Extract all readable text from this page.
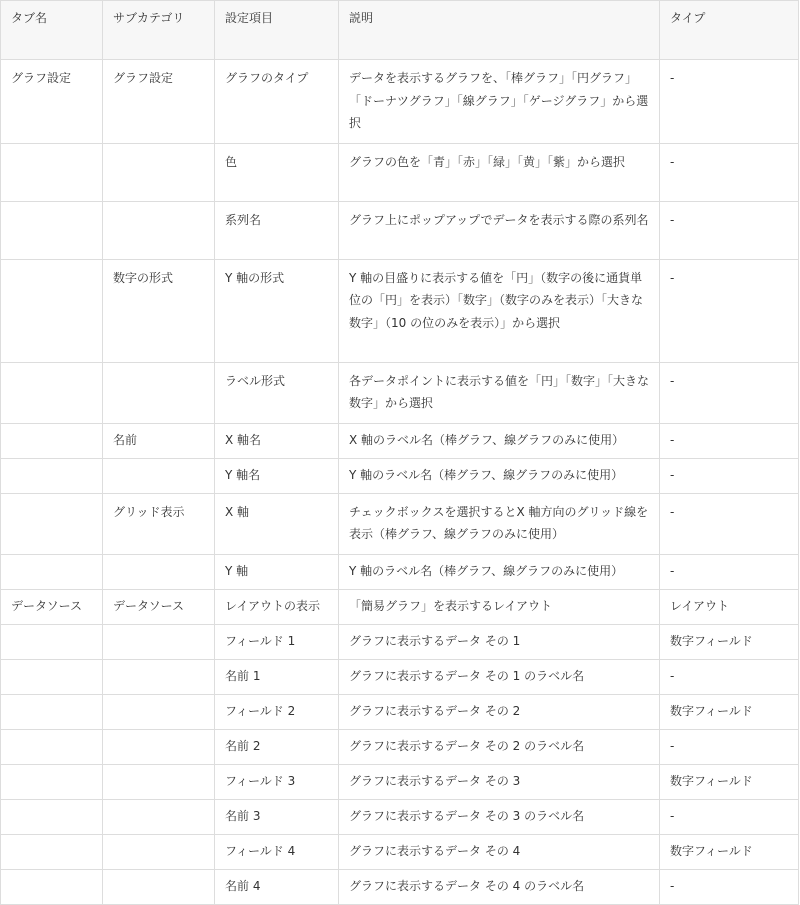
タブ名	サブカテゴリ	設定項目	説明	タイプ
グラフ設定	グラフ設定	グラフのタイプ	データを表示するグラフを、「棒グラフ」「円グラフ」「ドーナツグラフ」「線グラフ」「ゲージグラフ」から選択	-
		色	グラフの色を「青」「赤」「緑」「黄」「紫」から選択	-
		系列名	グラフ上にポップアップでデータを表示する際の系列名	-
	数字の形式	Y 軸の形式	Y 軸の目盛りに表示する値を「円」（数字の後に通貨単位の「円」を表示）「数字」（数字のみを表示）「大きな数字」（10 の位のみを表示）」から選択	-
		ラベル形式	各データポイントに表示する値を「円」「数字」「大きな数字」から選択	-
	名前	X 軸名	X 軸のラベル名（棒グラフ、線グラフのみに使用）	-
		Y 軸名	Y 軸のラベル名（棒グラフ、線グラフのみに使用）	-
	グリッド表示	X 軸	チェックボックスを選択するとX 軸方向のグリッド線を表示（棒グラフ、線グラフのみに使用）	-
		Y 軸	Y 軸のラベル名（棒グラフ、線グラフのみに使用）	-
データソース	データソース	レイアウトの表示	「簡易グラフ」を表示するレイアウト	レイアウト
		フィールド 1	グラフに表示するデータ その 1	数字フィールド
		名前 1	グラフに表示するデータ その 1 のラベル名	-
		フィールド 2	グラフに表示するデータ その 2	数字フィールド
		名前 2	グラフに表示するデータ その 2 のラベル名	-
		フィールド 3	グラフに表示するデータ その 3	数字フィールド
		名前 3	グラフに表示するデータ その 3 のラベル名	-
		フィールド 4	グラフに表示するデータ その 4	数字フィールド
		名前 4	グラフに表示するデータ その 4 のラベル名	-
